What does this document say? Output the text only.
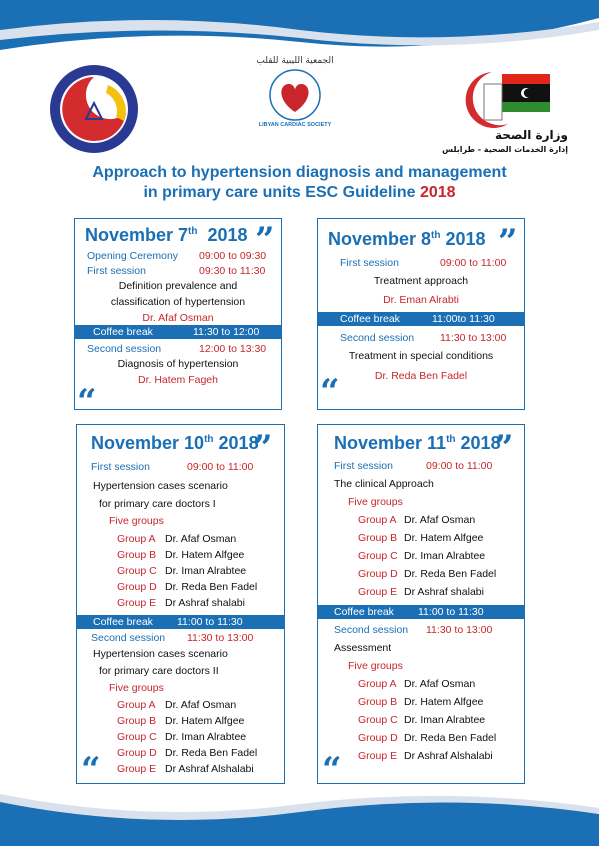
الجمعية الليبية للقلب
LIBYAN CARDIAC SOCIETY
وزارة الصحة
إدارة الخدمات الصحية - طرابلس
Approach to hypertension diagnosis and management
in primary care units ESC Guideline 2018
November 7th 2018 ”
Opening Ceremony 09:00 to 09:30
First session	09:30 to 11:30
Definition prevalence and
classification of hypertension
Dr. Afaf Osman
Coffee break	11:30 to 12:00
Second session	12:00 to 13:30
Diagnosis of hypertension
Dr. Hatem Fageh
“
November 8th 2018 ”
First session	09:00 to 11:00
Treatment approach
Dr. Eman Alrabti
Coffee break	11:00to 11:30
Second session 11:30 to 13:00
Treatment in special conditions
Dr. Reda Ben Fadel
“
November 10th 2018
”
First session	09:00 to 11:00
Hypertension cases scenario
for primary care doctors I
Five groups
Group A Dr. Afaf Osman
Group B Dr. Hatem Alfgee
Group C Dr. Iman Alrabtee
Group D Dr. Reda Ben Fadel
Group E Dr Ashraf shalabi
Coffee break 11:00 to 11:30
Second session 11:30 to 13:00
Hypertension cases scenario
for primary care doctors II
Five groups
Group A Dr. Afaf Osman
Group B Dr. Hatem Alfgee
Group C Dr. Iman Alrabtee
Group D Dr. Reda Ben Fadel
Group E Dr Ashraf Alshalabi
“
November 11th 2018
”
First session	09:00 to 11:00
The clinical Approach
Five groups
Group A Dr. Afaf Osman
Group B Dr. Hatem Alfgee
Group C Dr. Iman Alrabtee
Group D Dr. Reda Ben Fadel
Group E Dr Ashraf shalabi
Coffee break 11:00 to 11:30
Second session 11:30 to 13:00
Assessment
Five groups
Group A Dr. Afaf Osman
Group B Dr. Hatem Alfgee
Group C Dr. Iman Alrabtee
Group D Dr. Reda Ben Fadel
Group E Dr Ashraf Alshalabi
“
